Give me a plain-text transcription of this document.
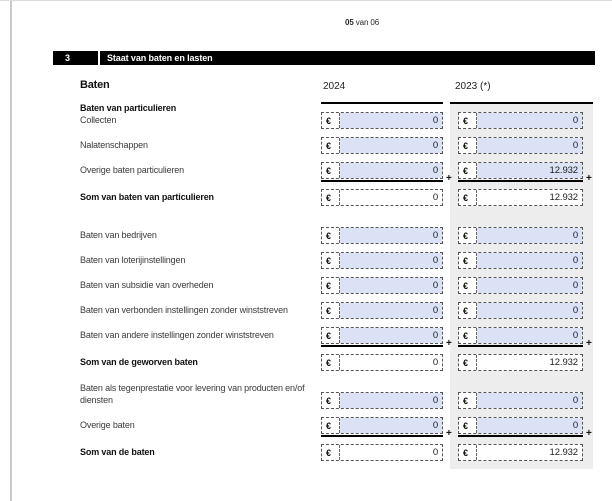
05 van 06
3	Staat van baten en lasten
Baten	2024	2023 (*)
Baten van particulieren
Collecten	€	0	€	0
Nalatenschappen	€	0	€	0
Overige baten particulieren	€	0	€	12.932
+	+
Som van baten van particulieren	€	0	€	12.932
Baten van bedrijven	€	0	€	0
Baten van loterijinstellingen	€	0	€	0
Baten van subsidie van overheden	€	0	€	0
Baten van verbonden instellingen zonder winststreven	€	0	€	0
Baten van andere instellingen zonder winststreven	€	0	€	0
+	+
Som van de geworven baten	€	0	€	12.932
Baten als tegenprestatie voor levering van producten en/of diensten	€	0	€	0
Overige baten	€	0	€	0
+	+
Som van de baten	€	0	€	12.932
